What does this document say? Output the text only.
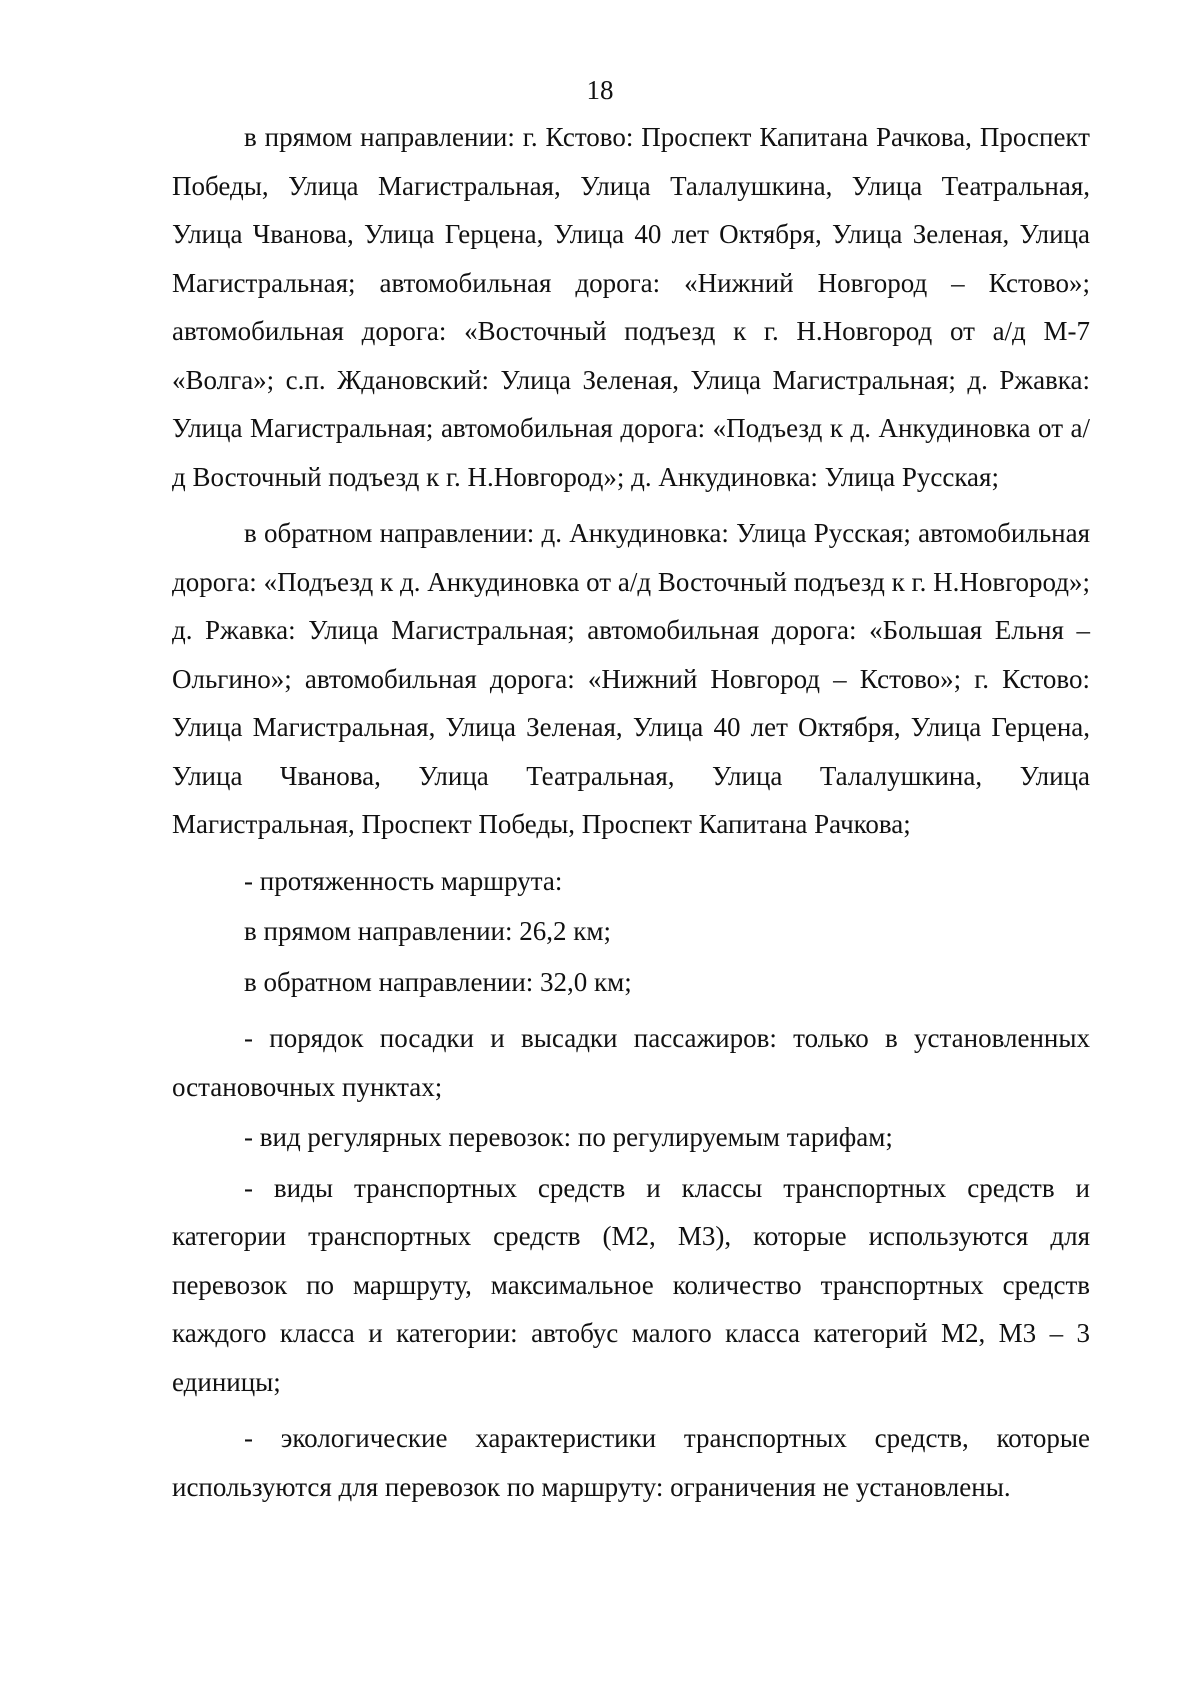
18

в прямом направлении: г. Кстово: Проспект Капитана Рачкова, Проспект Победы, Улица Магистральная, Улица Талалушкина, Улица Театральная, Улица Чванова, Улица Герцена, Улица 40 лет Октября, Улица Зеленая, Улица Магистральная; автомобильная дорога: «Нижний Новгород – Кстово»; автомобильная дорога: «Восточный подъезд к г. Н.Новгород от а/д М-7 «Волга»; с.п. Ждановский: Улица Зеленая, Улица Магистральная; д. Ржавка: Улица Магистральная; автомобильная дорога: «Подъезд к д. Анкудиновка от а/д Восточный подъезд к г. Н.Новгород»; д. Анкудиновка: Улица Русская;

в обратном направлении: д. Анкудиновка: Улица Русская; автомобильная дорога: «Подъезд к д. Анкудиновка от а/д Восточный подъезд к г. Н.Новгород»; д. Ржавка: Улица Магистральная; автомобильная дорога: «Большая Ельня – Ольгино»; автомобильная дорога: «Нижний Новгород – Кстово»; г. Кстово: Улица Магистральная, Улица Зеленая, Улица 40 лет Октября, Улица Герцена, Улица Чванова, Улица Театральная, Улица Талалушкина, Улица Магистральная, Проспект Победы, Проспект Капитана Рачкова;

- протяженность маршрута:

в прямом направлении: 26,2 км;

в обратном направлении: 32,0 км;

- порядок посадки и высадки пассажиров: только в установленных остановочных пунктах;

- вид регулярных перевозок: по регулируемым тарифам;

- виды транспортных средств и классы транспортных средств и категории транспортных средств (М2, М3), которые используются для перевозок по маршруту, максимальное количество транспортных средств каждого класса и категории: автобус малого класса категорий М2, М3 – 3 единицы;

- экологические характеристики транспортных средств, которые используются для перевозок по маршруту: ограничения не установлены.
